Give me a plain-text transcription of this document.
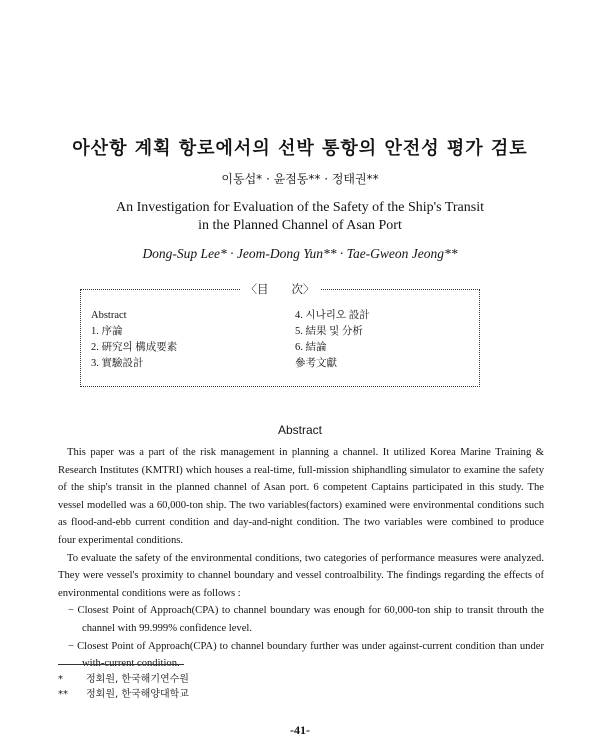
아산항 계획 항로에서의 선박 통항의 안전성 평가 검토
이동섭* · 윤점동** · 정태권**
An Investigation for Evaluation of the Safety of the Ship's Transit
in the Planned Channel of Asan Port
Dong-Sup Lee* · Jeom-Dong Yun** · Tae-Gweon Jeong**
〈目　　次〉
Abstract
1. 序論
2. 硏究의 構成要素
3. 實驗設計
4. 시나리오 設計
5. 結果 및 分析
6. 結論
參考文獻
Abstract

This paper was a part of the risk management in planning a channel. It utilized Korea Marine Training & Research Institutes (KMTRI) which houses a real-time, full-mission shiphandling simulator to examine the safety of the ship's transit in the planned channel of Asan port. 6 competent Captains participated in this study. The vessel modelled was a 60,000-ton ship. The two variables(factors) examined were environmental conditions such as flood-and-ebb current condition and day-and-night condition. The two variables were combined to produce four experimental conditions.

To evaluate the safety of the environmental conditions, two categories of performance measures were analyzed. They were vessel's proximity to channel boundary and vessel controalbility. The findings regarding the effects of environmental conditions were as follows :

− Closest Point of Approach(CPA) to channel boundary was enough for 60,000-ton ship to transit throuth the channel with 99.999% confidence level.

− Closest Point of Approach(CPA) to channel boundary further was under against-current condition than under with-current condition.

* 정회원, 한국해기연수원
** 정회원, 한국해양대학교
-41-
